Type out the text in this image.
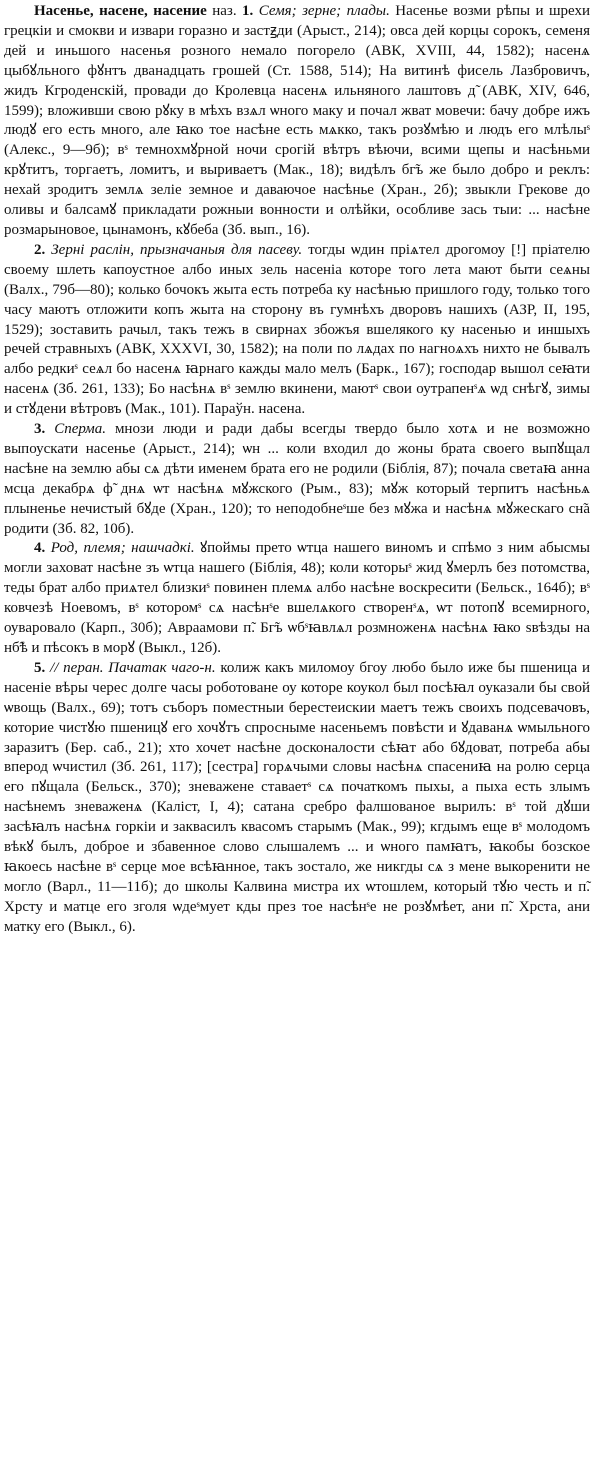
Насенье, насене, насение наз. 1. Семя; зерне; плады. Насенье возми рѣпы и шрехи грецкіи и смокви и извари горазно и застꙃди (Арыст., 214); овса дей корцы сорокъ, семеня дей и иньшого насенья розного немало погорело (АВК, XVIII, 44, 1582); насенѧ цыбꙋльного фꙋнтъ дванадцать грошей (Ст. 1588, 514); На витинѣ фисель Лазбровичъ, жидъ Кгроденскій, провади до Кролевца насенѧ ильняного лаштовъ д̃ (АВК, XIV, 646, 1599); вложивши свою рꙋку в мѣхъ взѧл ѡного маку и почал жват мовечи: бачу добре ижъ людꙋ его есть много, але ꙗко тое насѣне есть мѧкко, такъ розꙋмѣю и людъ его млѣлыˢ (Алекс., 9—9б); вˢ темнохмꙋрной ночи срогій вѣтръ вѣючи, всими щепы и насѣньми крꙋтитъ, торгаетъ, ломитъ, и выриваетъ (Мак., 18); видѣлъ бг̃ъ же было добро и реклъ: нехай зродитъ землѧ зеліе земное и даваючое насѣнье (Хран., 2б); звыкли Грекове до оливы и балсамꙋ прикладати рожныи вонности и олѣйки, особливе зась тыи: ... насѣне розмарыновое, цынамонъ, кꙋбеба (Зб. вып., 16).

2. Зерні раслін, прызначаныя для пасеву. тогды ѡдин пріѧтел дрогомоу [!] пріателю своему шлеть капоустное албо иных зель насеніа которе того лета мают быти сеѧны (Валх., 79б—80); колько бочокъ жыта есть потреба ку насѣнью пришлого году, только того часу маютъ отложити копъ жыта на сторону въ гумнѣхъ дворовъ нашихъ (АЗР, II, 195, 1529); зоставить рачыл, такъ тежъ в свирнах збожъя вшелякого ку насенью и иншыхъ речей стравныхъ (АВК, XXXVI, 30, 1582); на поли по лѧдах по нагноѧхъ нихто не бывалъ албо редкиˢ сеѧл бо насенѧ ꙗрнаго кажды мало мелъ (Барк., 167); господар вышол сеꙗти насенѧ (Зб. 261, 133); Бо насѣнѧ вˢ землю вкинени, маютˢ свои оутрапенˢѧ ѡд снѣгꙋ, зимы и стꙋдени вѣтровъ (Мак., 101). Параўн. насена.

3. Сперма. мнози люди и ради дабы всегды твердо было хотѧ и не возможно выпоускати насенье (Арыст., 214); ѡн ... коли входил до жоны брата своего выпꙋщал насѣне на землю абы сѧ дѣти именем брата его не родили (Біблія, 87); почала светаꙗ анна мсца декабрѧ ф̃ днѧ ѡт насѣнѧ мꙋжского (Рым., 83); мꙋж который терпитъ насѣньѧ плыненье нечистый бꙋде (Хран., 120); то неподобнеˢше без мꙋжа и насѣнѧ мꙋжескаго сн̃а родити (Зб. 82, 10б).

4. Род, племя; нашчадкі. ꙋпоймы прето ѡтца нашего виномъ и спѣмо з ним абысмы могли заховат насѣне зъ ѡтца нашего (Біблія, 48); коли которыˢ жид ꙋмерлъ без потомства, теды брат албо приѧтел близкиˢ повинен племѧ албо насѣне воскресити (Бельск., 164б); вˢ ковчезѣ Ноевомъ, вˢ которомˢ сѧ насѣнˢе вшелѧкого створенˢѧ, ѡт потопꙋ всемирного, оуваровало (Карп., 30б); Авраамови п̃. Бг̃ъ ѡбˢꙗвлѧл розмноженѧ насѣнѧ ꙗко ѕвѣзды на нб̃ѣ и пѣсокъ в морꙋ (Выкл., 12б).

5. // перан. Пачатак чаго-н. колиж какъ миломоу бгоу любо было иже бы пшеница и насеніе вѣры черес долге часы роботоване оу которе коукол был посѣꙗл оуказали бы свой ѡвощь (Валх., 69); тотъ съборъ поместныи берестеискии маетъ тежъ своихъ подсевачовъ, которие чистꙋю пшеницꙋ его хочꙋтъ спросныме насеньемъ повѣсти и ꙋдаванѧ ѡмыльного заразитъ (Бер. саб., 21); хто хочет насѣне досконалости сѣꙗт або бꙋдоват, потреба абы вперод ѡчистил (Зб. 261, 117); [сестра] горѧчыми словы насѣнѧ спасениꙗ на ролю серца его пꙋщала (Бельск., 370); зневажене ставаетˢ сѧ початкомъ пыхы, а пыха есть злымъ насѣнемъ зневаженѧ (Каліст, I, 4); сатана сребро фалшованое вырилъ: вˢ той дꙋши засѣꙗлъ насѣнѧ горкіи и заквасилъ квасомъ старымъ (Мак., 99); кгдымъ еще вˢ молодомъ вѣкꙋ былъ, доброе и збавенное слово слышалемъ ... и ѡного памꙗтъ, ꙗкобы бозское ꙗкоесь насѣне вˢ серце мое всѣꙗнное, такъ зостало, же никгды сѧ з мене выкоренити не могло (Варл., 11—11б); до школы Калвина мистра их ѡтошлем, который тꙋю честь и п̃. Хрсту и матце его зголя ѡдеˢмует кды през тое насѣнˢе не розꙋмѣет, ани п̃. Хрста, ани матку его (Выкл., 6).
